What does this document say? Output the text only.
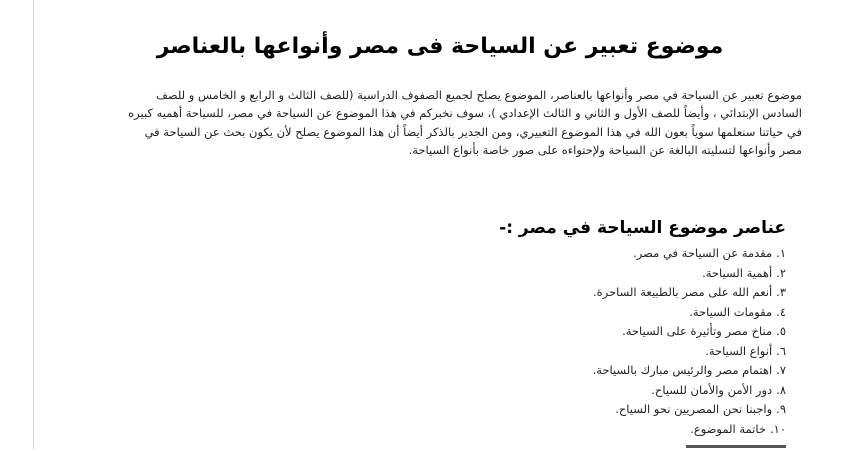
موضوع تعبير عن السياحة فى مصر وأنواعها بالعناصر
موضوع تعبير عن السياحة في مصر وأنواعها بالعناصر، الموضوع يصلح لجميع الصفوف الدراسية (للصف الثالث و الرابع و الخامس و للصف
السادس الإبتدائي ، وأيضاً للصف الأول و الثاني و الثالث الإعدادي )، سوف نخبركم في هذا الموضوع عن السياحة في مصر، للسياحة أهميه كبيره
في حياتنا سنعلمها سوياً بعون الله في هذا الموضوع التعبيري، ومن الجدير بالذكر أيضاً أن هذا الموضوع يصلح لأن يكون بحث عن السياحة في
مصر وأنواعها لتسليته البالغة عن السياحة ولإحتواءه على صور خاصة بأنواع السياحة.
عناصر موضوع السياحة في مصر :-
١.مقدمة عن السياحة في مصر.
٢.أهمية السياحة.
٣.أنعم الله على مصر بالطبيعة الساحرة.
٤.مقومات السياحة.
٥.مناخ مصر وتأثيرة على السياحة.
٦.أنواع السياحة.
٧.اهتمام مصر والرئيس مبارك بالسياحة.
٨.دور الأمن والأمان للسياح.
٩.واجبنا نحن المصريين نحو السياح.
١٠.خاتمة الموضوع.
